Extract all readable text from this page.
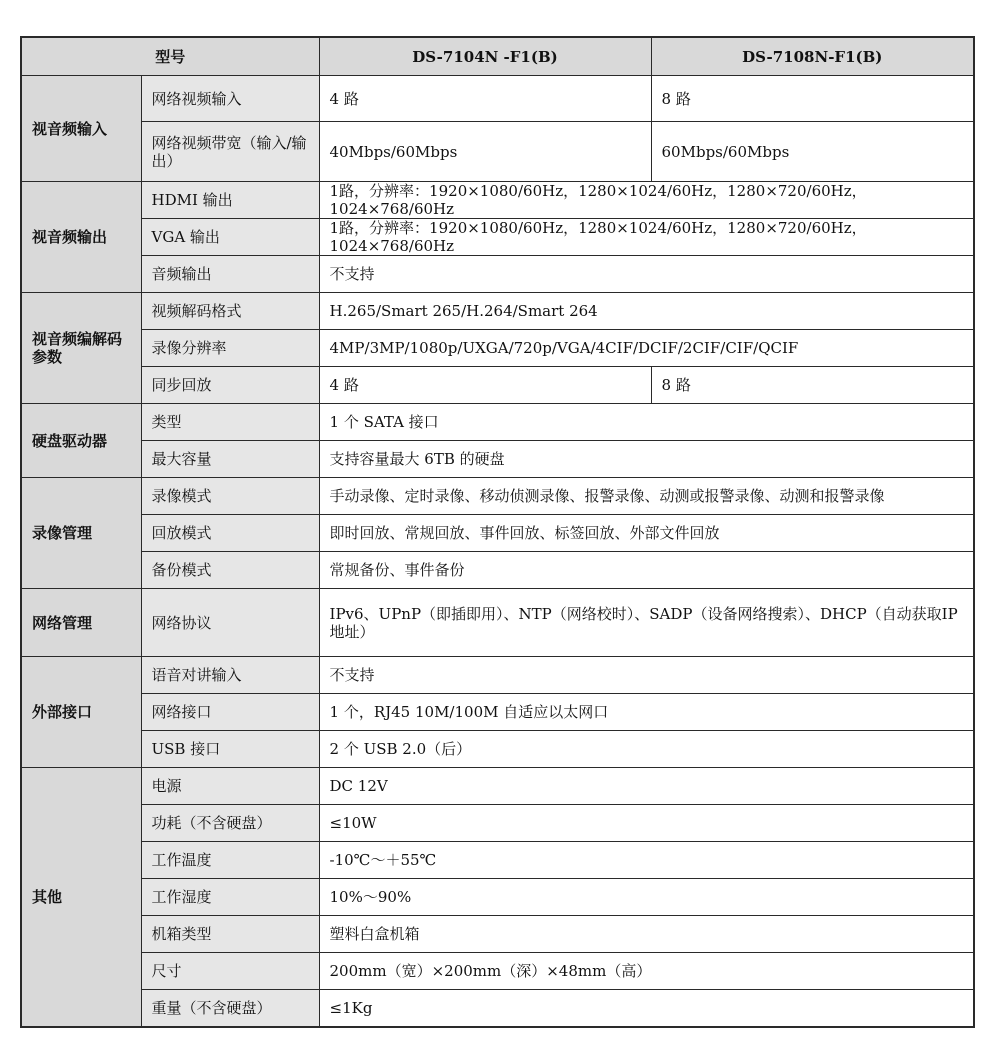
型号		DS-7104N -F1(B)	DS-7108N-F1(B)
视音频输入	网络视频输入	4 路	8 路
	网络视频带宽（输入/输出）	40Mbps/60Mbps	60Mbps/60Mbps
视音频输出	HDMI 输出	1路，分辨率：1920×1080/60Hz，1280×1024/60Hz，1280×720/60Hz，1024×768/60Hz	
	VGA 输出	1路，分辨率：1920×1080/60Hz，1280×1024/60Hz，1280×720/60Hz，1024×768/60Hz	
	音频输出	不支持	
视音频编解码参数	视频解码格式	H.265/Smart 265/H.264/Smart 264	
	录像分辨率	4MP/3MP/1080p/UXGA/720p/VGA/4CIF/DCIF/2CIF/CIF/QCIF	
	同步回放	4 路	8 路
硬盘驱动器	类型	1 个 SATA 接口	
	最大容量	支持容量最大 6TB 的硬盘	
录像管理	录像模式	手动录像、定时录像、移动侦测录像、报警录像、动测或报警录像、动测和报警录像	
	回放模式	即时回放、常规回放、事件回放、标签回放、外部文件回放	
	备份模式	常规备份、事件备份	
网络管理	网络协议	IPv6、UPnP（即插即用）、NTP（网络校时）、SADP（设备网络搜索）、DHCP（自动获取IP地址）	
外部接口	语音对讲输入	不支持	
	网络接口	1 个，RJ45 10M/100M 自适应以太网口	
	USB 接口	2 个 USB 2.0（后）	
其他	电源	DC 12V	
	功耗（不含硬盘）	≤10W	
	工作温度	-10℃～＋55℃	
	工作湿度	10%～90%	
	机箱类型	塑料白盒机箱	
	尺寸	200mm（宽）×200mm（深）×48mm（高）	
	重量（不含硬盘）	≤1Kg	
